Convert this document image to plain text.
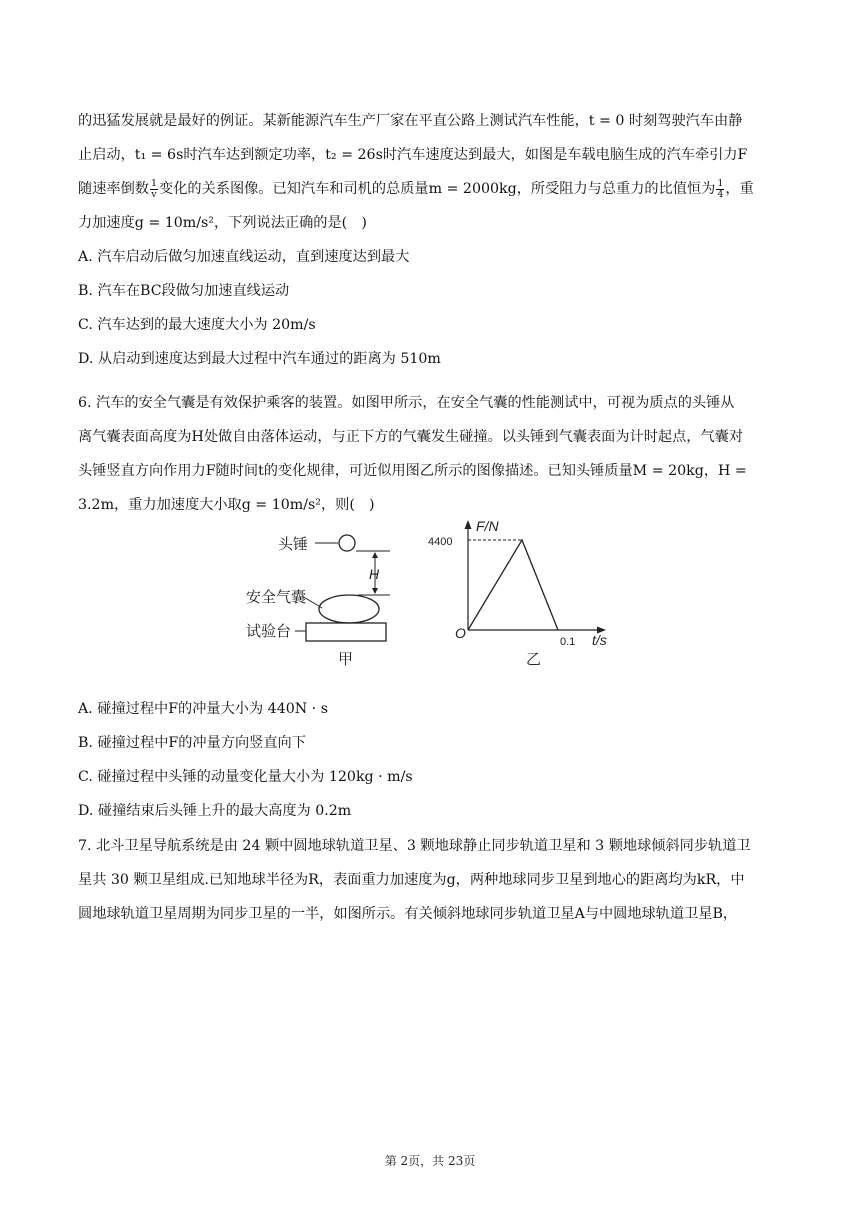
的迅猛发展就是最好的例证。某新能源汽车生产厂家在平直公路上测试汽车性能，t = 0 时刻驾驶汽车由静
止启动，t₁ = 6s时汽车达到额定功率，t₂ = 26s时汽车速度达到最大，如图是车载电脑生成的汽车牵引力F
随速率倒数 $\frac{1}{v}$ 变化的关系图像。已知汽车和司机的总质量m = 2000kg，所受阻力与总重力的比值恒为 $\frac{1}{4}$ ，重
力加速度g = 10m/s²，下列说法正确的是(　)
A. 汽车启动后做匀加速直线运动，直到速度达到最大
B. 汽车在BC段做匀加速直线运动
C. 汽车达到的最大速度大小为 20m/s
D. 从启动到速度达到最大过程中汽车通过的距离为 510m
6. 汽车的安全气囊是有效保护乘客的装置。如图甲所示，在安全气囊的性能测试中，可视为质点的头锤从
离气囊表面高度为H处做自由落体运动，与正下方的气囊发生碰撞。以头锤到气囊表面为计时起点，气囊对
头锤竖直方向作用力F随时间t的变化规律，可近似用图乙所示的图像描述。已知头锤质量M = 20kg，H =
3.2m，重力加速度大小取g = 10m/s²，则(　)
头锤
H
安全气囊
试验台
甲
F/N
t/s
O
4400
0.1
乙
A. 碰撞过程中F的冲量大小为 440N · s
B. 碰撞过程中F的冲量方向竖直向下
C. 碰撞过程中头锤的动量变化量大小为 120kg · m/s
D. 碰撞结束后头锤上升的最大高度为 0.2m
7. 北斗卫星导航系统是由 24 颗中圆地球轨道卫星、3 颗地球静止同步轨道卫星和 3 颗地球倾斜同步轨道卫
星共 30 颗卫星组成.已知地球半径为R，表面重力加速度为g，两种地球同步卫星到地心的距离均为kR，中
圆地球轨道卫星周期为同步卫星的一半，如图所示。有关倾斜地球同步轨道卫星A与中圆地球轨道卫星B，
第 2页，共 23页
